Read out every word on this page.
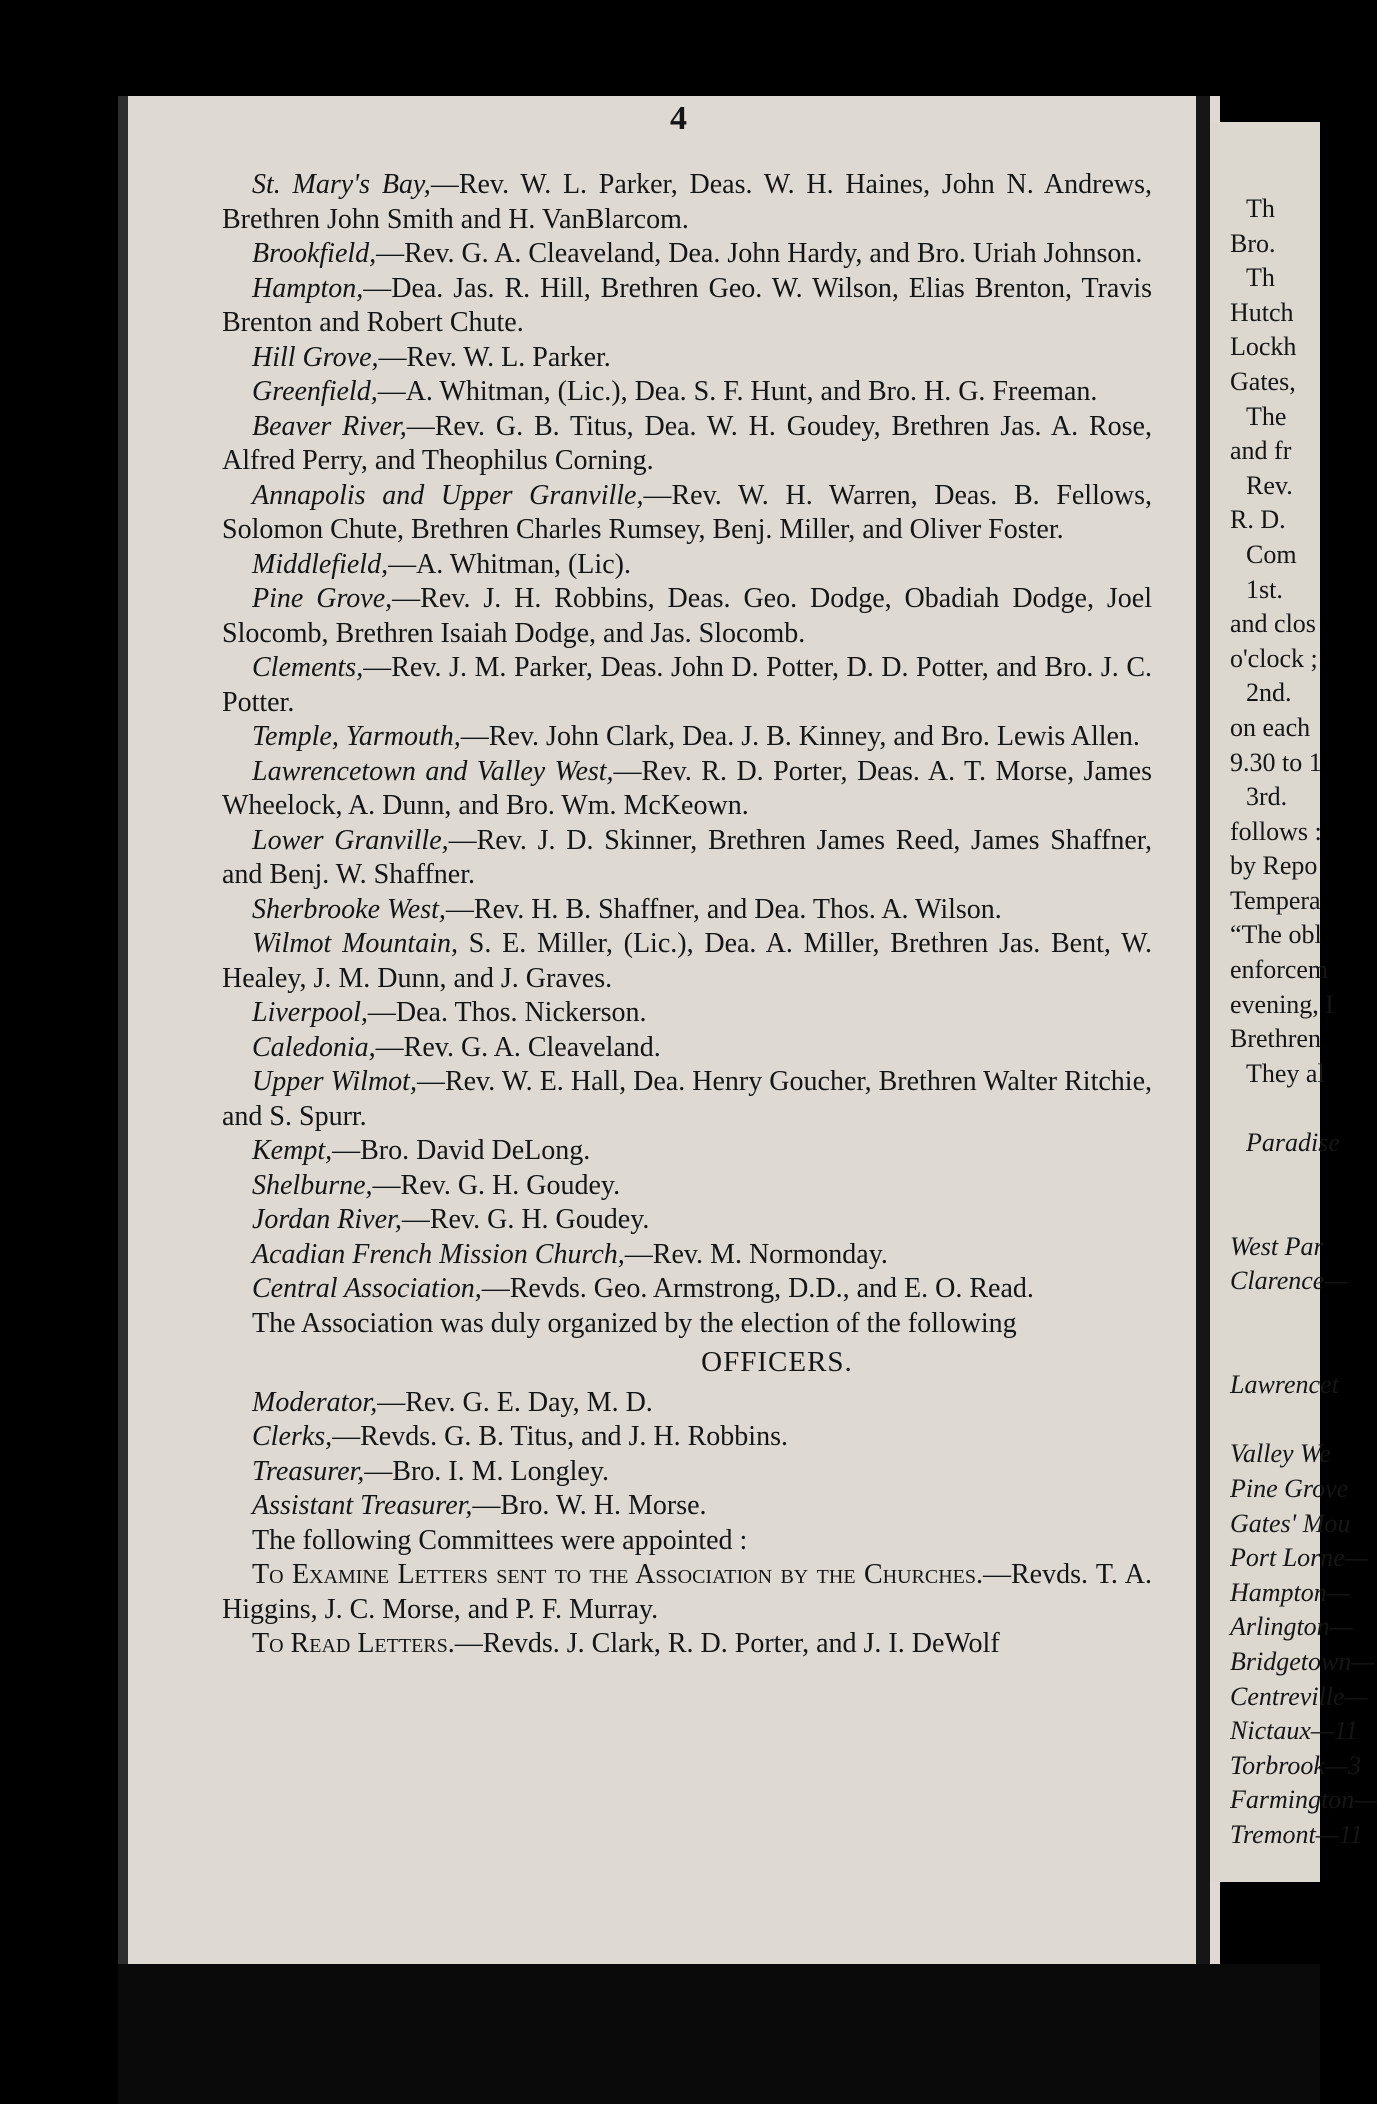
4

St. Mary's Bay,—Rev. W. L. Parker, Deas. W. H. Haines, John N. Andrews, Brethren John Smith and H. VanBlarcom.

Brookfield,—Rev. G. A. Cleaveland, Dea. John Hardy, and Bro. Uriah Johnson.

Hampton,—Dea. Jas. R. Hill, Brethren Geo. W. Wilson, Elias Brenton, Travis Brenton and Robert Chute.

Hill Grove,—Rev. W. L. Parker.

Greenfield,—A. Whitman, (Lic.), Dea. S. F. Hunt, and Bro. H. G. Freeman.

Beaver River,—Rev. G. B. Titus, Dea. W. H. Goudey, Brethren Jas. A. Rose, Alfred Perry, and Theophilus Corning.

Annapolis and Upper Granville,—Rev. W. H. Warren, Deas. B. Fellows, Solomon Chute, Brethren Charles Rumsey, Benj. Miller, and Oliver Foster.

Middlefield,—A. Whitman, (Lic).

Pine Grove,—Rev. J. H. Robbins, Deas. Geo. Dodge, Obadiah Dodge, Joel Slocomb, Brethren Isaiah Dodge, and Jas. Slocomb.

Clements,—Rev. J. M. Parker, Deas. John D. Potter, D. D. Potter, and Bro. J. C. Potter.

Temple, Yarmouth,—Rev. John Clark, Dea. J. B. Kinney, and Bro. Lewis Allen.

Lawrencetown and Valley West,—Rev. R. D. Porter, Deas. A. T. Morse, James Wheelock, A. Dunn, and Bro. Wm. McKeown.

Lower Granville,—Rev. J. D. Skinner, Brethren James Reed, James Shaffner, and Benj. W. Shaffner.

Sherbrooke West,—Rev. H. B. Shaffner, and Dea. Thos. A. Wilson.

Wilmot Mountain, S. E. Miller, (Lic.), Dea. A. Miller, Brethren Jas. Bent, W. Healey, J. M. Dunn, and J. Graves.

Liverpool,—Dea. Thos. Nickerson.

Caledonia,—Rev. G. A. Cleaveland.

Upper Wilmot,—Rev. W. E. Hall, Dea. Henry Goucher, Brethren Walter Ritchie, and S. Spurr.

Kempt,—Bro. David DeLong.

Shelburne,—Rev. G. H. Goudey.

Jordan River,—Rev. G. H. Goudey.

Acadian French Mission Church,—Rev. M. Normonday.

Central Association,—Revds. Geo. Armstrong, D.D., and E. O. Read.

The Association was duly organized by the election of the following

OFFICERS.

Moderator,—Rev. G. E. Day, M. D.

Clerks,—Revds. G. B. Titus, and J. H. Robbins.

Treasurer,—Bro. I. M. Longley.

Assistant Treasurer,—Bro. W. H. Morse.

The following Committees were appointed :

To Examine Letters sent to the Association by the Churches.—Revds. T. A. Higgins, J. C. Morse, and P. F. Murray.

To Read Letters.—Revds. J. Clark, R. D. Porter, and J. I. DeWolf

Th
Bro.
Th
Hutch
Lockh
Gates,
The
and fr
Rev.
R. D.
Com
1st.
and clos
o'clock ;
2nd.
on each
9.30 to 1
3rd.
follows :
by Repo
Tempera
“The obl
enforcem
evening, I
Brethren
They al
Paradise
West Par
Clarence—
Lawrencet
Valley We
Pine Grove
Gates' Mou
Port Lorne—
Hampton—
Arlington—
Bridgetown—
Centreville—
Nictaux—11
Torbrook—3
Farmington—
Tremont—11
